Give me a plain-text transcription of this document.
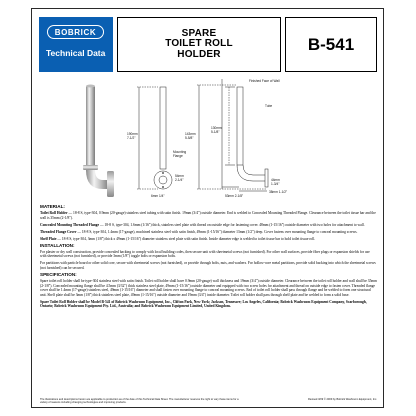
BOBRICK
Technical Data
SPARE
TOILET ROLL
HOLDER
B-541
Finished Face of Wall
Tube
143mm
5-5/8"
130mm
5-1/8"
53mm 2-1/8"
38mm 1-1/2"
44mm
1-3/4"
Mounting
Flange
190mm
7-1/2"
54mm
2-1/4"
6mm 1/4"
MATERIAL:

Toilet Roll Holder — 18-8 S, type-304, 0.9mm (20-gauge) stainless steel tubing with satin finish. 19mm (3/4") outside diameter. End is welded to Concealed Mounting Threaded Flange. Clearance between the toilet tissue bar and the wall is 35mm (2-1/8").

Concealed Mounting Threaded Flange — 18-8 S, type-304, 1.6mm (1/16") thick, stainless steel plate with thread on outside edge for fastening cover. 48mm (1-15/16") outside diameter with two holes for attachment to wall.

Threaded Flange Cover — 18-8 S, type-304, 1.4mm (17-gauge), machined stainless steel with satin finish, 49mm (1-15/16") diameter 13mm (1/2") deep. Cover fastens over mounting flange to conceal mounting screws.

Shelf Plate — 18-8 S, type-304, 3mm (1/8") thick x 49mm (1-15/16") diameter stainless steel plate with satin finish. Inside diameter edge is welded to toilet tissue bar to hold toilet tissue roll.

INSTALLATION:

For plaster or dry wall construction, provide concealed backing to comply with local building codes, then secure unit with sheetmetal screws (not furnished). For other wall surfaces, provide fiber plugs or expansion shields for use with sheetmetal screws (not furnished), or provide 3mm (1/8") toggle bolts or expansion bolts.

For partitions with particle board or other solid core, secure with sheetmetal screws (not furnished), or provide through bolts, nuts, and washers. For hollow-core metal partitions, provide solid backing into which the sheetmetal screws (not furnished) can be secured.

SPECIFICATION:

Spare toilet roll holder shall be type-304 stainless steel with satin finish. Toilet roll holder shall have 0.9mm (20-gauge) wall thickness and 19mm (3/4") outside diameter. Clearance between the toilet roll holder and wall shall be 35mm (2-1/8"). Concealed mounting flange shall be 4.5mm (3/32") thick stainless steel plate, 49mm (1-15/16") outside diameter and equipped with two screw holes for attachment and thread on outside edge to fasten cover. Threaded flange cover shall be 1.4mm (17-gauge) stainless steel, 49mm (1-15/16") diameter and shall fasten over mounting flange to conceal mounting screws. End of toilet roll holder shall pass through flange and be welded to form one structural unit. Shelf plate shall be 3mm (1/8") thick stainless steel plate, 49mm (1-15/16") outside diameter and 19mm (3/4") inside diameter. Toilet roll holder shall pass through shelf plate and be welded to form a solid base.

Spare Toilet Roll Holder shall be Model B-541 of Bobrick Washroom Equipment, Inc., Clifton Park, New York; Jackson, Tennessee; Los Angeles, California; Bobrick Washroom Equipment Company, Scarborough, Ontario; Bobrick Washroom Equipment Pty. Ltd., Australia; and Bobrick Washroom Equipment Limited, United Kingdom.

The illustrations and descriptions herein are applicable to production as of the date of this Technical Data Sheet. The manufacturer reserves the right to vary these items for a variety of reasons including changing technologies and improving products.
Revised 3/09 © 2009 by Bobrick Washroom Equipment, Inc.
